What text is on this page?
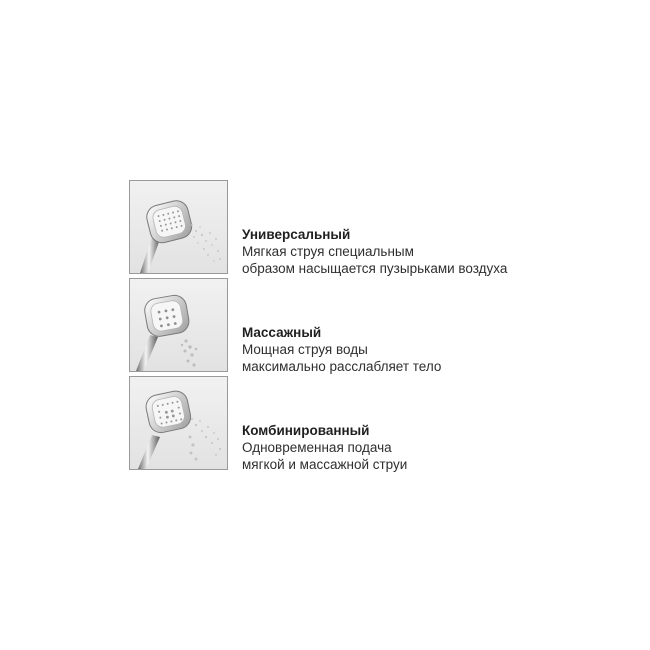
Универсальный
Мягкая струя специальным
образом насыщается пузырьками воздуха
Массажный
Мощная струя воды
максимально расслабляет тело
Комбинированный
Одновременная подача
мягкой и массажной струи
